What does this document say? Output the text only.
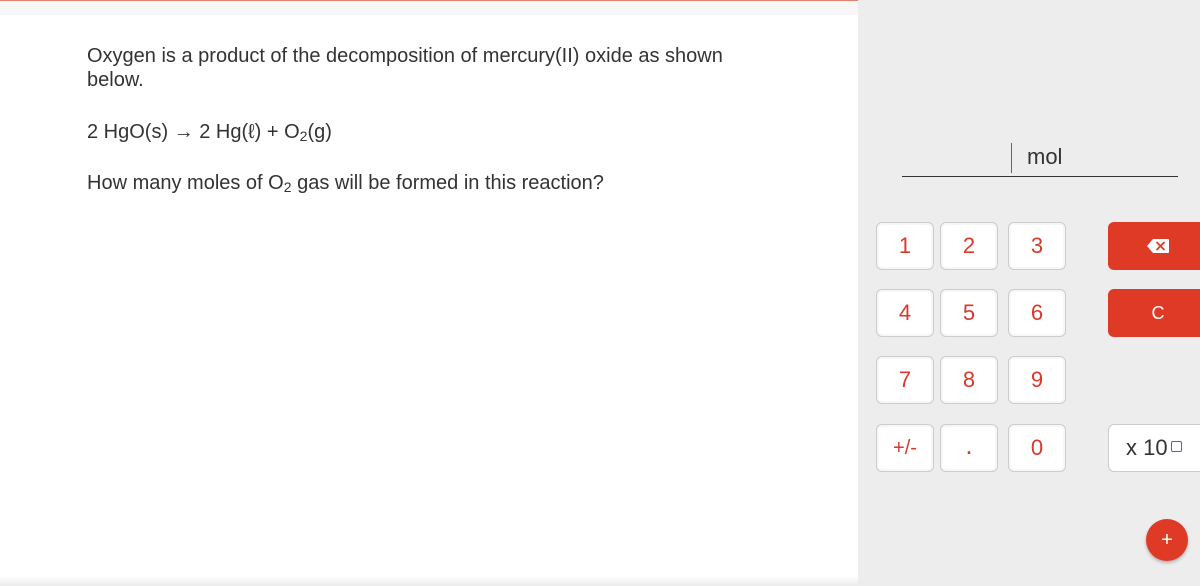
Oxygen is a product of the decomposition of mercury(II) oxide as shown below.
2 HgO(s) → 2 Hg(ℓ) + $O_2(g)$
How many moles of $O_2$ gas will be formed in this reaction?
mol
1	2	3
4	5	6
7	8	9
+/-	.	0
C
x 10
+
